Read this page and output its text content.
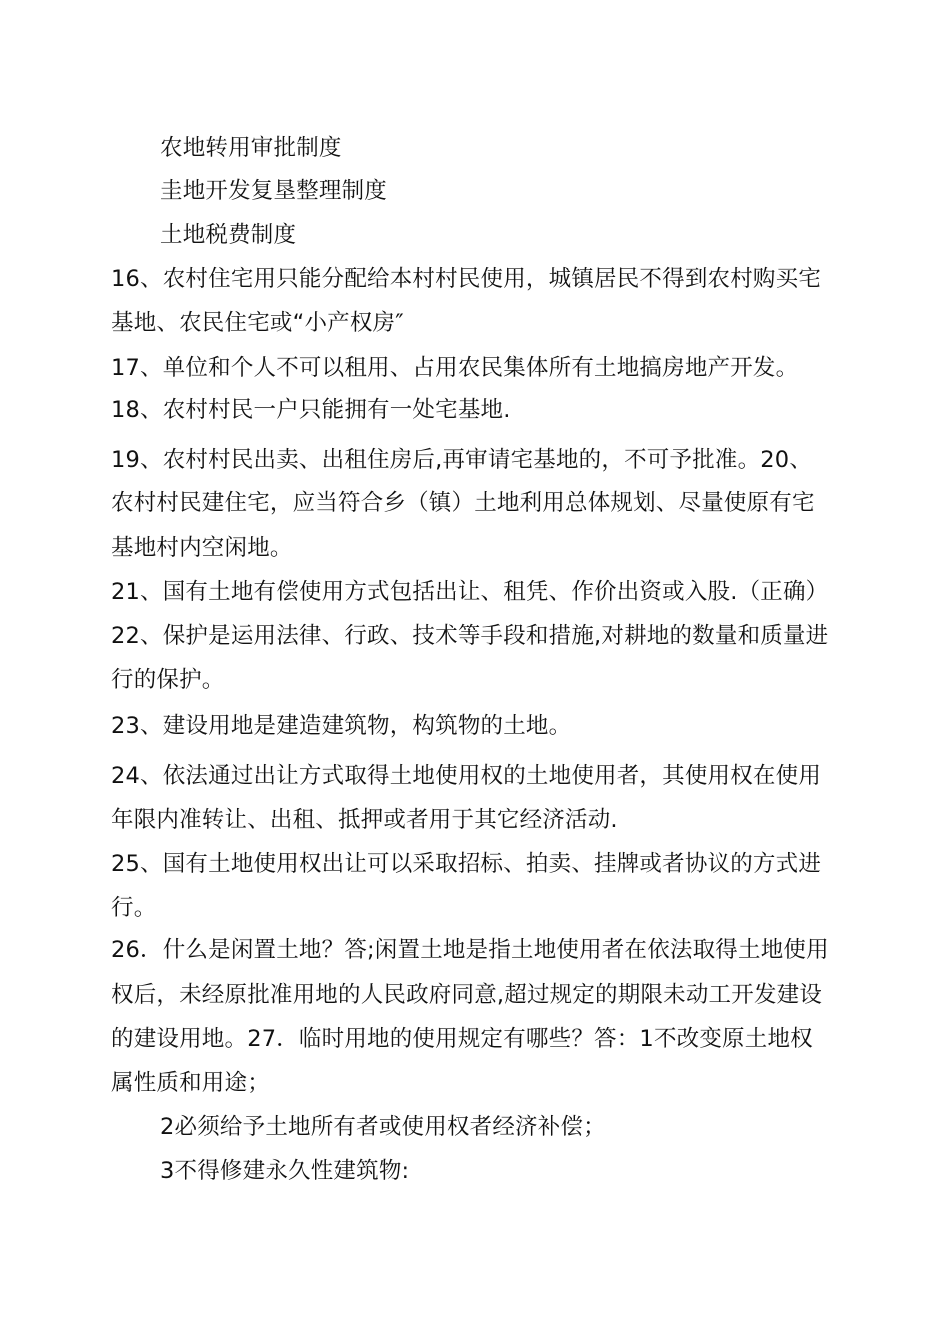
农地转用审批制度
圭地开发复垦整理制度
土地税费制度
16、农村住宅用只能分配给本村村民使用，城镇居民不得到农村购买宅
基地、农民住宅或“小产权房″
17、单位和个人不可以租用、占用农民集体所有土地搞房地产开发。
18、农村村民一户只能拥有一处宅基地.
19、农村村民出卖、出租住房后,再审请宅基地的，不可予批准。20、
农村村民建住宅，应当符合乡（镇）土地利用总体规划、尽量使原有宅
基地村内空闲地。
21、国有土地有偿使用方式包括出让、租凭、作价出资或入股.（正确）
22、保护是运用法律、行政、技术等手段和措施,对耕地的数量和质量进
行的保护。
23、建设用地是建造建筑物，构筑物的土地。
24、依法通过出让方式取得土地使用权的土地使用者，其使用权在使用
年限内准转让、出租、抵押或者用于其它经济活动.
25、国有土地使用权出让可以采取招标、拍卖、挂牌或者协议的方式进
行。
26．什么是闲置土地？答;闲置土地是指土地使用者在依法取得土地使用
权后，未经原批准用地的人民政府同意,超过规定的期限未动工开发建设
的建设用地。27．临时用地的使用规定有哪些？答：1不改变原土地权
属性质和用途；
2必须给予土地所有者或使用权者经济补偿；
3不得修建永久性建筑物:
